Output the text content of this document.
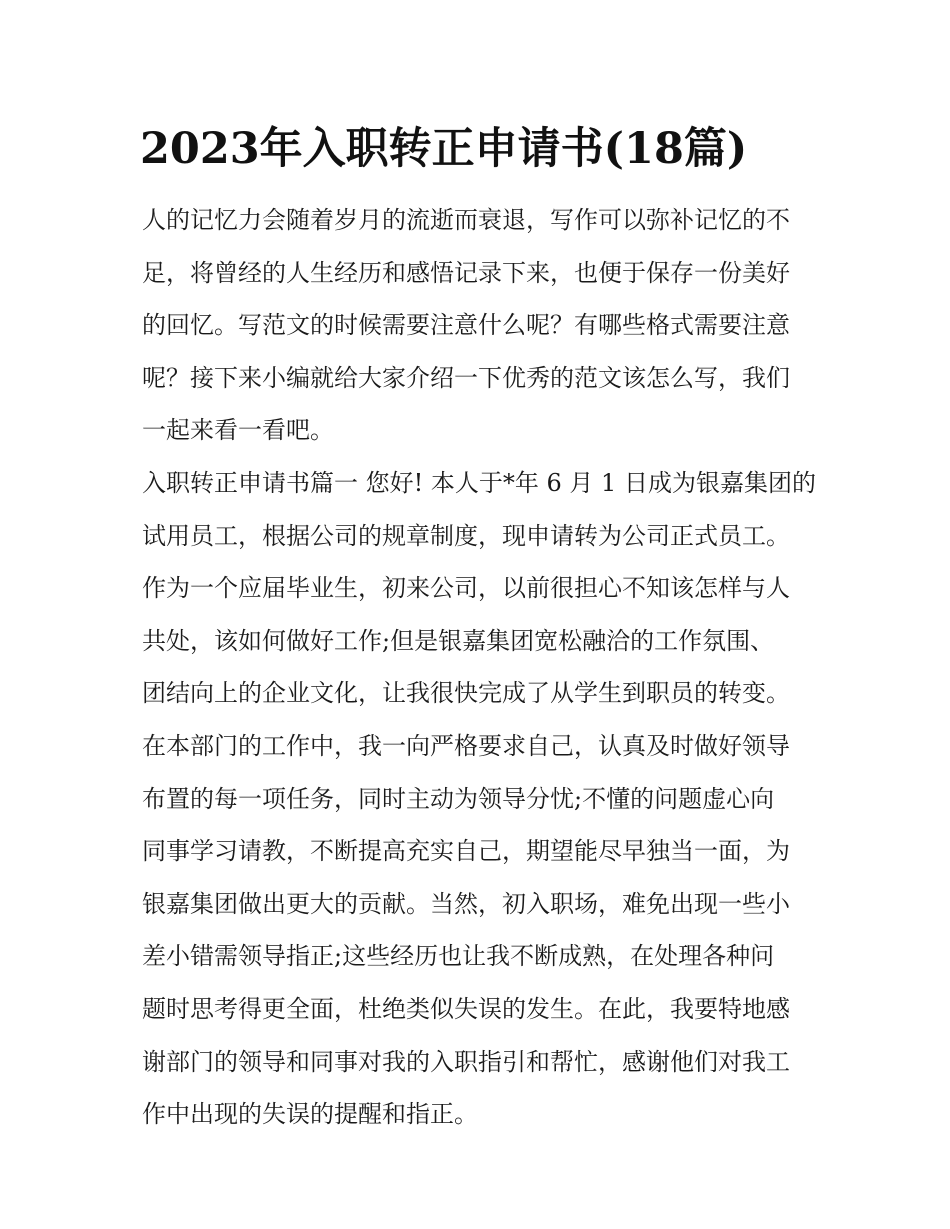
2023年入职转正申请书(18篇)

人的记忆力会随着岁月的流逝而衰退，写作可以弥补记忆的不
足，将曾经的人生经历和感悟记录下来，也便于保存一份美好
的回忆。写范文的时候需要注意什么呢？有哪些格式需要注意
呢？接下来小编就给大家介绍一下优秀的范文该怎么写，我们
一起来看一看吧。

入职转正申请书篇一 您好! 本人于*年 6 月 1 日成为银嘉集团的
试用员工，根据公司的规章制度，现申请转为公司正式员工。
作为一个应届毕业生，初来公司，以前很担心不知该怎样与人
共处，该如何做好工作;但是银嘉集团宽松融洽的工作氛围、
团结向上的企业文化，让我很快完成了从学生到职员的转变。
在本部门的工作中，我一向严格要求自己，认真及时做好领导
布置的每一项任务，同时主动为领导分忧;不懂的问题虚心向
同事学习请教，不断提高充实自己，期望能尽早独当一面，为
银嘉集团做出更大的贡献。当然，初入职场，难免出现一些小
差小错需领导指正;这些经历也让我不断成熟，在处理各种问
题时思考得更全面，杜绝类似失误的发生。在此，我要特地感
谢部门的领导和同事对我的入职指引和帮忙，感谢他们对我工
作中出现的失误的提醒和指正。
